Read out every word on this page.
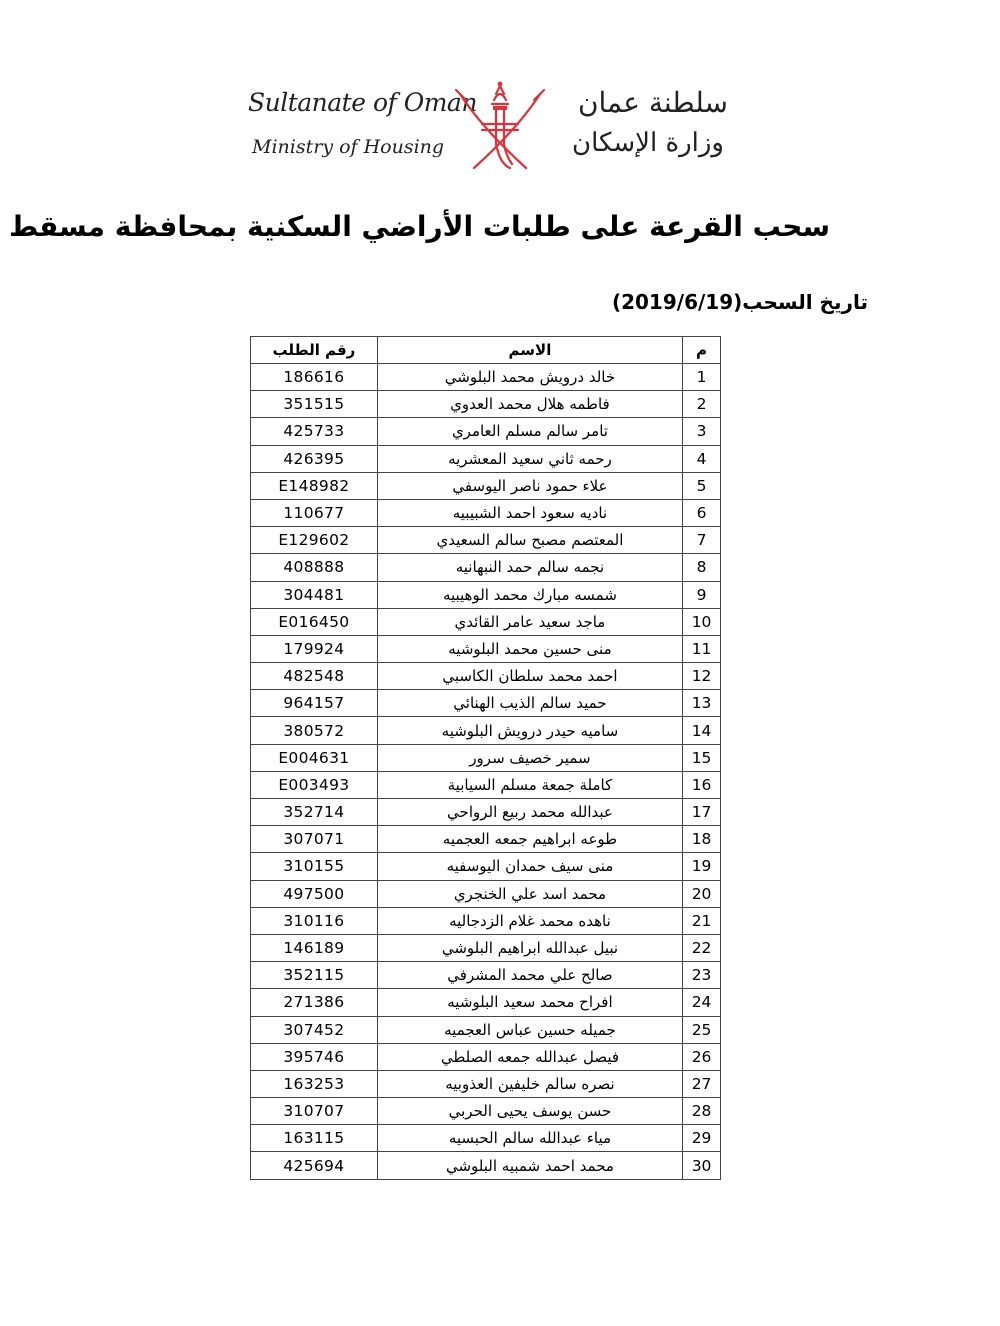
Sultanate of Oman
Ministry of Housing
سلطنة عمان
وزارة الإسكان
سحب القرعة على طلبات الأراضي السكنية بمحافظة مسقط
تاريخ السحب(2019/6/19)
م	الاسم	رقم الطلب
1	خالد درويش محمد البلوشي	186616
2	فاطمه هلال محمد العدوي	351515
3	تامر سالم مسلم العامري	425733
4	رحمه ثاني سعيد المعشريه	426395
5	علاء حمود ناصر اليوسفي	E148982
6	ناديه سعود احمد الشبيبيه	110677
7	المعتصم مصبح سالم السعيدي	E129602
8	نجمه سالم حمد النبهانيه	408888
9	شمسه مبارك محمد الوهيبيه	304481
10	ماجد سعيد عامر القائدي	E016450
11	منى حسين محمد البلوشيه	179924
12	احمد محمد سلطان الكاسبي	482548
13	حميد سالم الذيب الهنائي	964157
14	ساميه حيدر درويش البلوشيه	380572
15	سمير خصيف سرور	E004631
16	كاملة جمعة مسلم السيابية	E003493
17	عبدالله محمد ربيع الرواحي	352714
18	طوعه ابراهيم جمعه العجميه	307071
19	منى سيف حمدان اليوسفيه	310155
20	محمد اسد علي الخنجري	497500
21	ناهده محمد غلام الزدجاليه	310116
22	نبيل عبدالله ابراهيم البلوشي	146189
23	صالح علي محمد المشرفي	352115
24	افراح محمد سعيد البلوشيه	271386
25	جميله حسين عباس العجميه	307452
26	فيصل عبدالله جمعه الصلطي	395746
27	نصره سالم خليفين العذوبيه	163253
28	حسن يوسف يحيى الحربي	310707
29	مياء عبدالله سالم الحبسيه	163115
30	محمد احمد شمبيه البلوشي	425694
